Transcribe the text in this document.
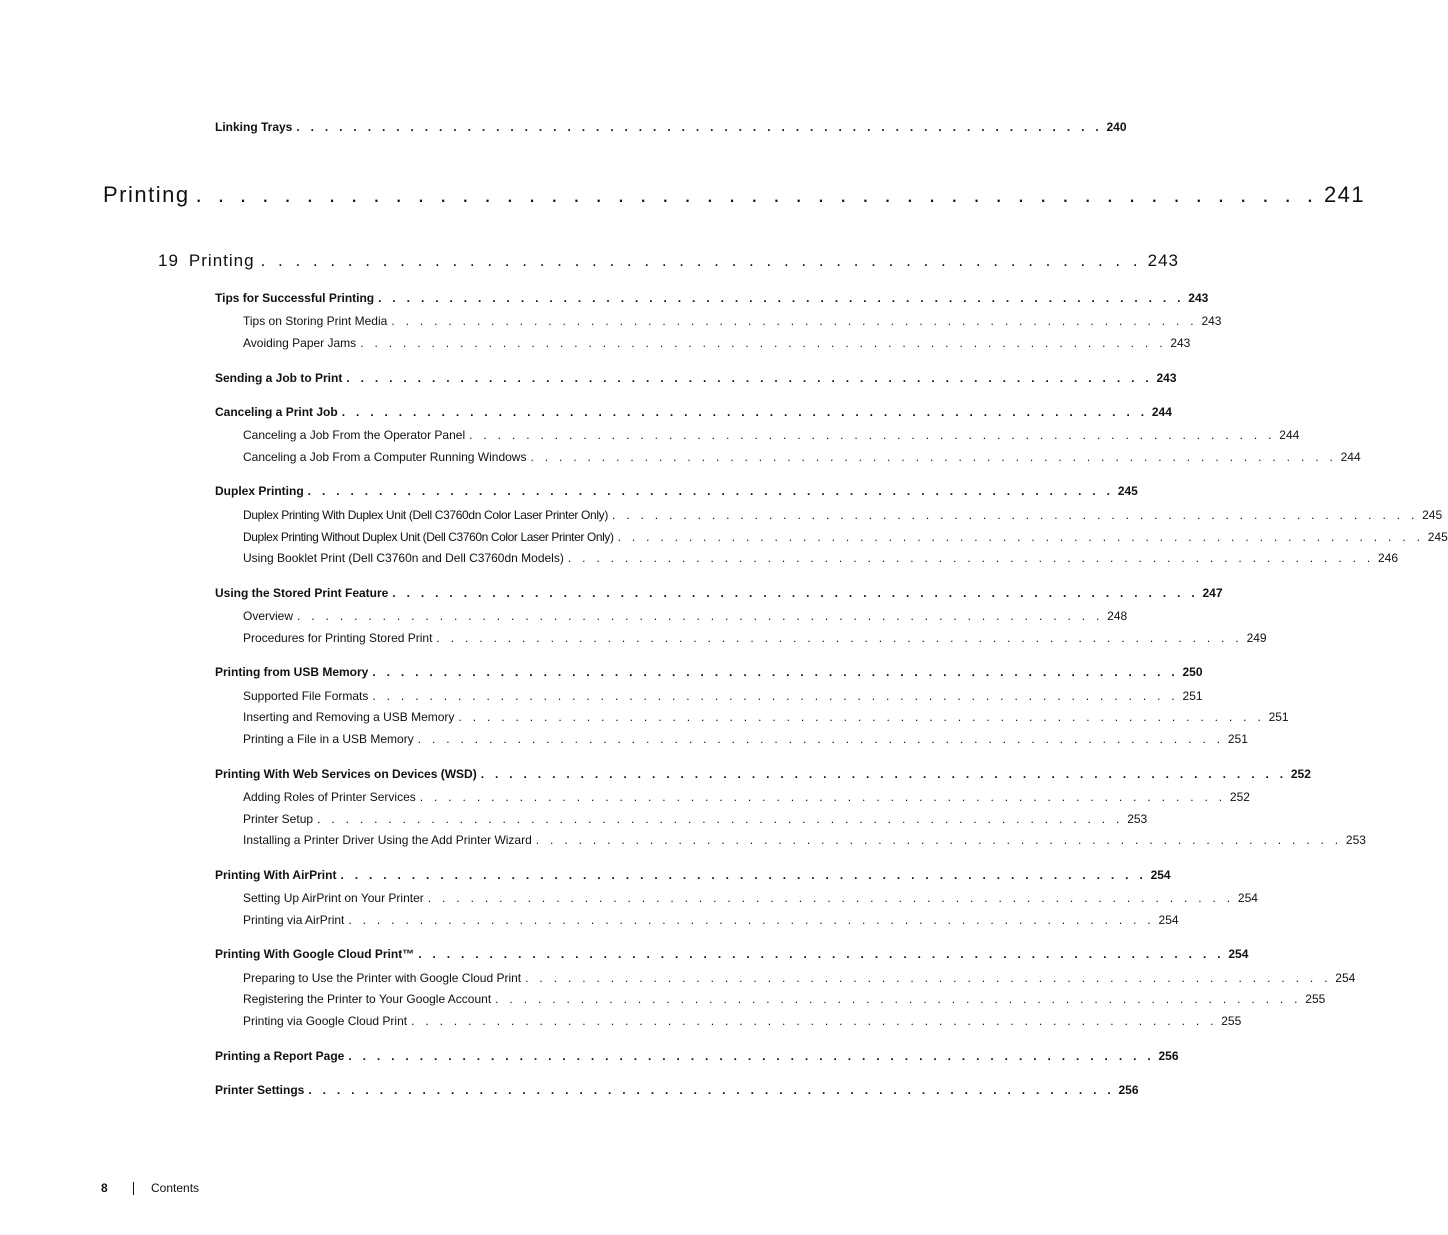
Linking Trays . . . . . . . . . . . . . . . . . . . . . . . . . . . . . . . . . . . . . . . . . . . . . . . . . . . . . . . . . 240
Printing . . . . . . . . . . . . . . . . . . . . . . . . . . . . . . . . . . . . . . . . . . . . . . . . . . . 241
19 Printing . . . . . . . . . . . . . . . . . . . . . . . . . . . . . . . . . . . . . . . . . . . . . . . . . . . 243
Tips for Successful Printing . . . . . . . . . . . . . . . . . . . . . . . . . . . . . . . . . . . . . . . . . . . . . . . . . . . . . . . . . 243
Tips on Storing Print Media . . . . . . . . . . . . . . . . . . . . . . . . . . . . . . . . . . . . . . . . . . . . . . . . . . . . . . . . . 243
Avoiding Paper Jams . . . . . . . . . . . . . . . . . . . . . . . . . . . . . . . . . . . . . . . . . . . . . . . . . . . . . . . . . 243
Sending a Job to Print . . . . . . . . . . . . . . . . . . . . . . . . . . . . . . . . . . . . . . . . . . . . . . . . . . . . . . . . . 243
Canceling a Print Job . . . . . . . . . . . . . . . . . . . . . . . . . . . . . . . . . . . . . . . . . . . . . . . . . . . . . . . . . 244
Canceling a Job From the Operator Panel . . . . . . . . . . . . . . . . . . . . . . . . . . . . . . . . . . . . . . . . . . . . . . . . . . . . . . . . . 244
Canceling a Job From a Computer Running Windows . . . . . . . . . . . . . . . . . . . . . . . . . . . . . . . . . . . . . . . . . . . . . . . . . . . . . . . . . 244
Duplex Printing . . . . . . . . . . . . . . . . . . . . . . . . . . . . . . . . . . . . . . . . . . . . . . . . . . . . . . . . . 245
Duplex Printing With Duplex Unit (Dell C3760dn Color Laser Printer Only) . . . . . . . . . . . . . . . . . . . . . . . . . . . . . . . . . . . . . . . . . . . . . . . . . . . . . . . . . 245
Duplex Printing Without Duplex Unit (Dell C3760n Color Laser Printer Only) . . . . . . . . . . . . . . . . . . . . . . . . . . . . . . . . . . . . . . . . . . . . . . . . . . . . . . . . . 245
Using Booklet Print (Dell C3760n and Dell C3760dn Models) . . . . . . . . . . . . . . . . . . . . . . . . . . . . . . . . . . . . . . . . . . . . . . . . . . . . . . . . . 246
Using the Stored Print Feature . . . . . . . . . . . . . . . . . . . . . . . . . . . . . . . . . . . . . . . . . . . . . . . . . . . . . . . . . 247
Overview . . . . . . . . . . . . . . . . . . . . . . . . . . . . . . . . . . . . . . . . . . . . . . . . . . . . . . . . . 248
Procedures for Printing Stored Print . . . . . . . . . . . . . . . . . . . . . . . . . . . . . . . . . . . . . . . . . . . . . . . . . . . . . . . . . 249
Printing from USB Memory . . . . . . . . . . . . . . . . . . . . . . . . . . . . . . . . . . . . . . . . . . . . . . . . . . . . . . . . . 250
Supported File Formats . . . . . . . . . . . . . . . . . . . . . . . . . . . . . . . . . . . . . . . . . . . . . . . . . . . . . . . . . 251
Inserting and Removing a USB Memory . . . . . . . . . . . . . . . . . . . . . . . . . . . . . . . . . . . . . . . . . . . . . . . . . . . . . . . . . 251
Printing a File in a USB Memory . . . . . . . . . . . . . . . . . . . . . . . . . . . . . . . . . . . . . . . . . . . . . . . . . . . . . . . . . 251
Printing With Web Services on Devices (WSD) . . . . . . . . . . . . . . . . . . . . . . . . . . . . . . . . . . . . . . . . . . . . . . . . . . . . . . . . . 252
Adding Roles of Printer Services . . . . . . . . . . . . . . . . . . . . . . . . . . . . . . . . . . . . . . . . . . . . . . . . . . . . . . . . . 252
Printer Setup . . . . . . . . . . . . . . . . . . . . . . . . . . . . . . . . . . . . . . . . . . . . . . . . . . . . . . . . . 253
Installing a Printer Driver Using the Add Printer Wizard . . . . . . . . . . . . . . . . . . . . . . . . . . . . . . . . . . . . . . . . . . . . . . . . . . . . . . . . . 253
Printing With AirPrint . . . . . . . . . . . . . . . . . . . . . . . . . . . . . . . . . . . . . . . . . . . . . . . . . . . . . . . . . 254
Setting Up AirPrint on Your Printer . . . . . . . . . . . . . . . . . . . . . . . . . . . . . . . . . . . . . . . . . . . . . . . . . . . . . . . . . 254
Printing via AirPrint . . . . . . . . . . . . . . . . . . . . . . . . . . . . . . . . . . . . . . . . . . . . . . . . . . . . . . . . . 254
Printing With Google Cloud Print™ . . . . . . . . . . . . . . . . . . . . . . . . . . . . . . . . . . . . . . . . . . . . . . . . . . . . . . . . . 254
Preparing to Use the Printer with Google Cloud Print . . . . . . . . . . . . . . . . . . . . . . . . . . . . . . . . . . . . . . . . . . . . . . . . . . . . . . . . . 254
Registering the Printer to Your Google Account . . . . . . . . . . . . . . . . . . . . . . . . . . . . . . . . . . . . . . . . . . . . . . . . . . . . . . . . . 255
Printing via Google Cloud Print . . . . . . . . . . . . . . . . . . . . . . . . . . . . . . . . . . . . . . . . . . . . . . . . . . . . . . . . . 255
Printing a Report Page . . . . . . . . . . . . . . . . . . . . . . . . . . . . . . . . . . . . . . . . . . . . . . . . . . . . . . . . . 256
Printer Settings . . . . . . . . . . . . . . . . . . . . . . . . . . . . . . . . . . . . . . . . . . . . . . . . . . . . . . . . . 256
8	Contents
